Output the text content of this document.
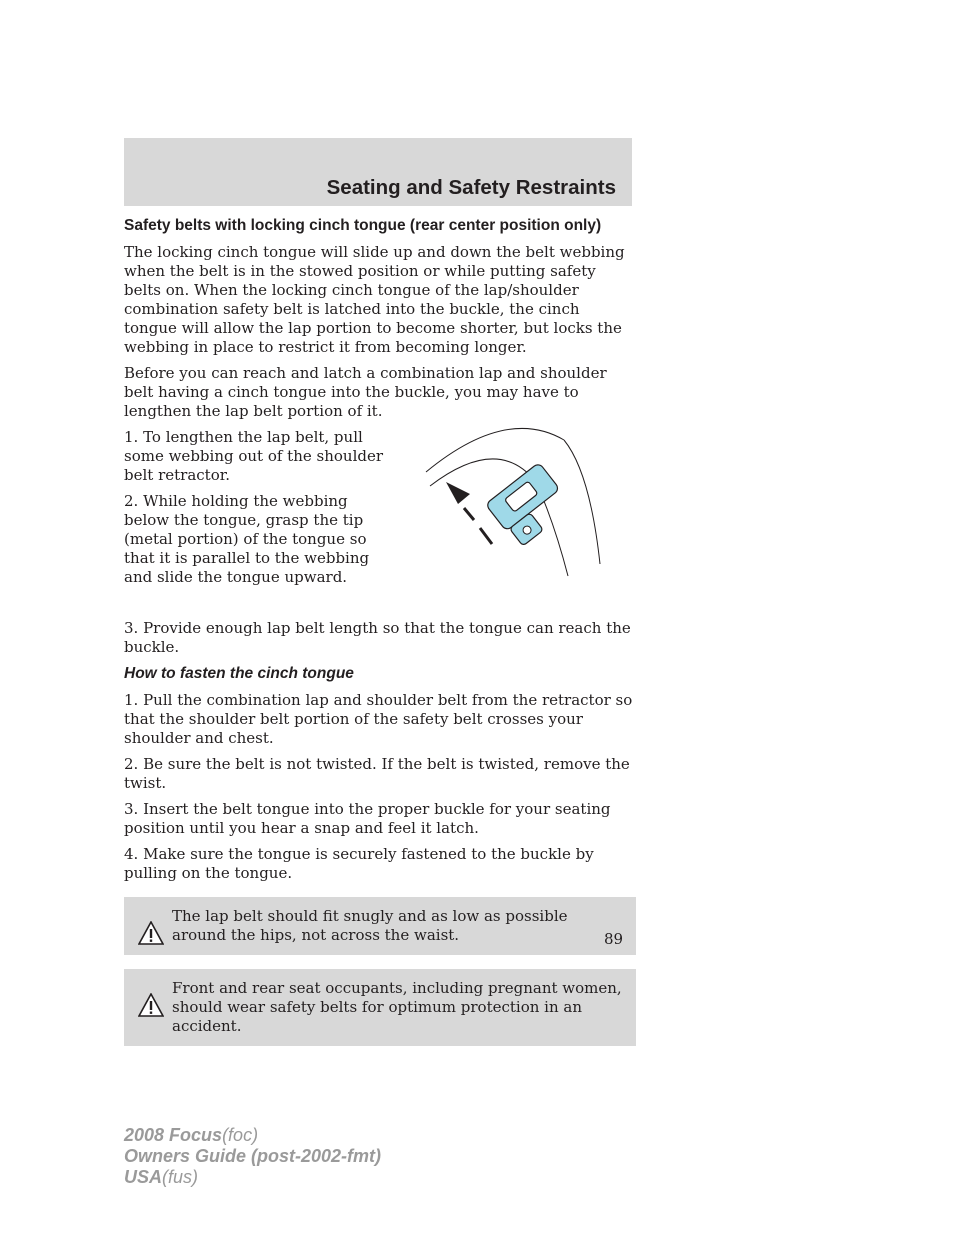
Seating and Safety Restraints
Safety belts with locking cinch tongue (rear center position only)

The locking cinch tongue will slide up and down the belt webbing when the belt is in the stowed position or while putting safety belts on. When the locking cinch tongue of the lap/shoulder combination safety belt is latched into the buckle, the cinch tongue will allow the lap portion to become shorter, but locks the webbing in place to restrict it from becoming longer.

Before you can reach and latch a combination lap and shoulder belt having a cinch tongue into the buckle, you may have to lengthen the lap belt portion of it.

1. To lengthen the lap belt, pull some webbing out of the shoulder belt retractor.

2. While holding the webbing below the tongue, grasp the tip (metal portion) of the tongue so that it is parallel to the webbing and slide the tongue upward.

3. Provide enough lap belt length so that the tongue can reach the buckle.

How to fasten the cinch tongue

1. Pull the combination lap and shoulder belt from the retractor so that the shoulder belt portion of the safety belt crosses your shoulder and chest.

2. Be sure the belt is not twisted. If the belt is twisted, remove the twist.

3. Insert the belt tongue into the proper buckle for your seating position until you hear a snap and feel it latch.

4. Make sure the tongue is securely fastened to the buckle by pulling on the tongue.

The lap belt should fit snugly and as low as possible around the hips, not across the waist.

Front and rear seat occupants, including pregnant women, should wear safety belts for optimum protection in an accident.

89
2008 Focus(foc)
Owners Guide (post-2002-fmt)
USA(fus)
